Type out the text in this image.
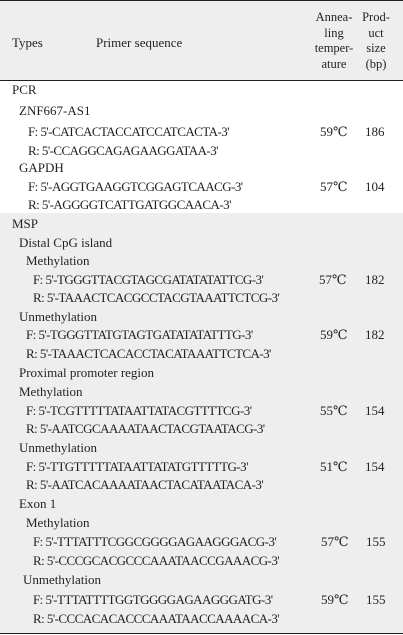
Types	Primer sequence
Annea-
ling
temper-
ature
Prod-
uct
size
(bp)
PCR
ZNF667-AS1
F: 5'-CATCACTACCATCCATCACTA-3'	59℃ 186
R: 5'-CCAGGCAGAGAAGGATAA-3'
GAPDH
F: 5'-AGGTGAAGGTCGGAGTCAACG-3'	57℃ 104
R: 5'-AGGGGTCATTGATGGCAACA-3'
MSP
Distal CpG island
Methylation
F: 5'-TGGGTTACGTAGCGATATATATTCG-3'	57℃ 182
R: 5'-TAAACTCACGCCTACGTAAATTCTCG-3'
Unmethylation
F: 5'-TGGGTTATGTAGTGATATATATTTG-3'	59℃ 182
R: 5'-TAAACTCACACCTACATAAATTCTCA-3'
Proximal promoter region
Methylation
F: 5'-TCGTTTTTATAATTATACGTTTTCG-3'	55℃ 154
R: 5'-AATCGCAAAATAACTACGTAATACG-3'
Unmethylation
F: 5'-TTGTTTTTATAATTATATGTTTTTG-3'	51℃ 154
R: 5'-AATCACAAAATAACTACATAATACA-3'
Exon 1
Methylation
F: 5'-TTTATTTCGGCGGGGAGAAGGGACG-3'	57℃ 155
R: 5'-CCCGCACGCCCAAATAACCGAAACG-3'
Unmethylation
F: 5'-TTTATTTTGGTGGGGAGAAGGGATG-3'	59℃ 155
R: 5'-CCCACACACCCAAATAACCAAAACA-3'
